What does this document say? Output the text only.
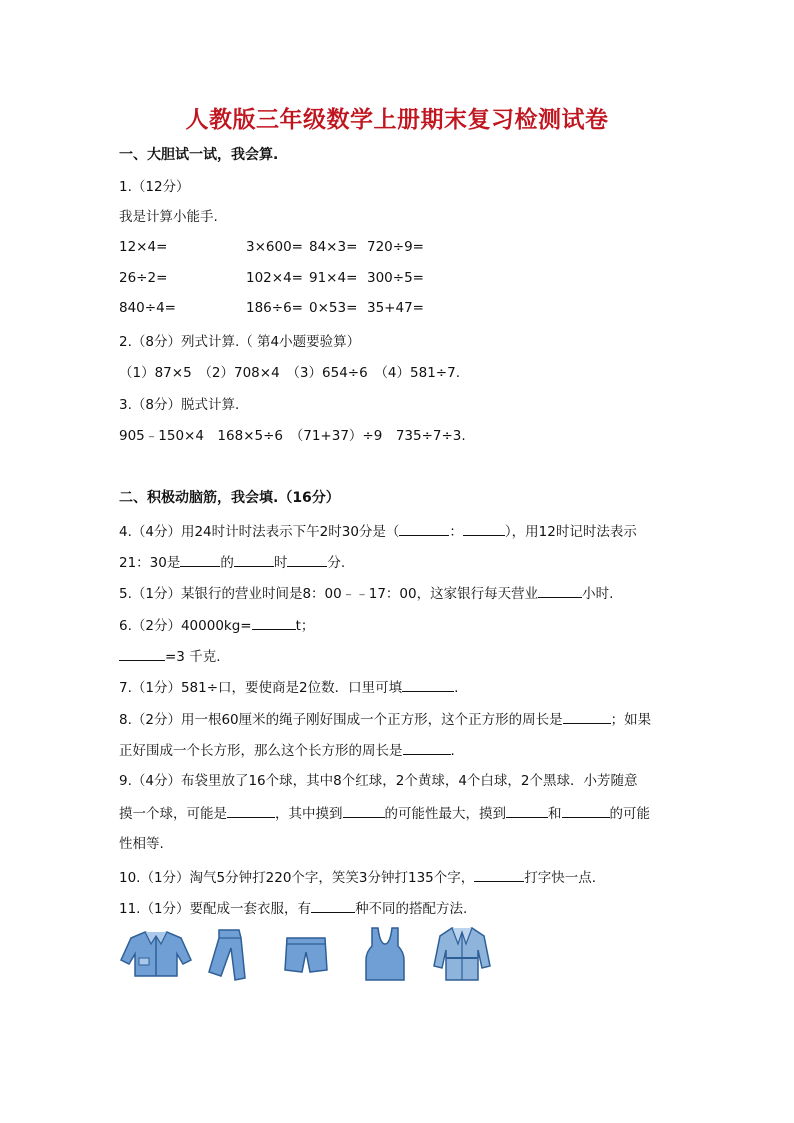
人教版三年级数学上册期末复习检测试卷
一、大胆试一试，我会算.
1.（12分）
我是计算小能手.
12×4=	3×600= 84×3= 720÷9=
26÷2=	102×4= 91×4= 300÷5=
840÷4=	186÷6= 0×53= 35+47=
2.（8分）列式计算.（ 第4小题要验算）
（1）87×5　（2）708×4　（3）654÷6　（4）581÷7.
3.（8分）脱式计算.
905﹣150×4　168×5÷6　（71+37）÷9　735÷7÷3.
二、积极动脑筋，我会填.（16分）
4.（4分）用24时计时法表示下午2时30分是（	：	），用12时记时法表示
21：30是	的	时	分.
5.（1分）某银行的营业时间是8：00﹣﹣17：00，这家银行每天营业	小时.
6.（2分）40000kg=	t；
=3 千克.
7.（1分）581÷口，要使商是2位数．口里可填	.
8.（2分）用一根60厘米的绳子刚好围成一个正方形，这个正方形的周长是	；如果
正好围成一个长方形，那么这个长方形的周长是	.
9.（4分）布袋里放了16个球，其中8个红球，2个黄球，4个白球，2个黑球．小芳随意
摸一个球，可能是	，其中摸到	的可能性最大，摸到	和	的可能
性相等.
10.（1分）淘气5分钟打220个字，笑笑3分钟打135个字，	打字快一点.
11.（1分）要配成一套衣服，有	种不同的搭配方法.
